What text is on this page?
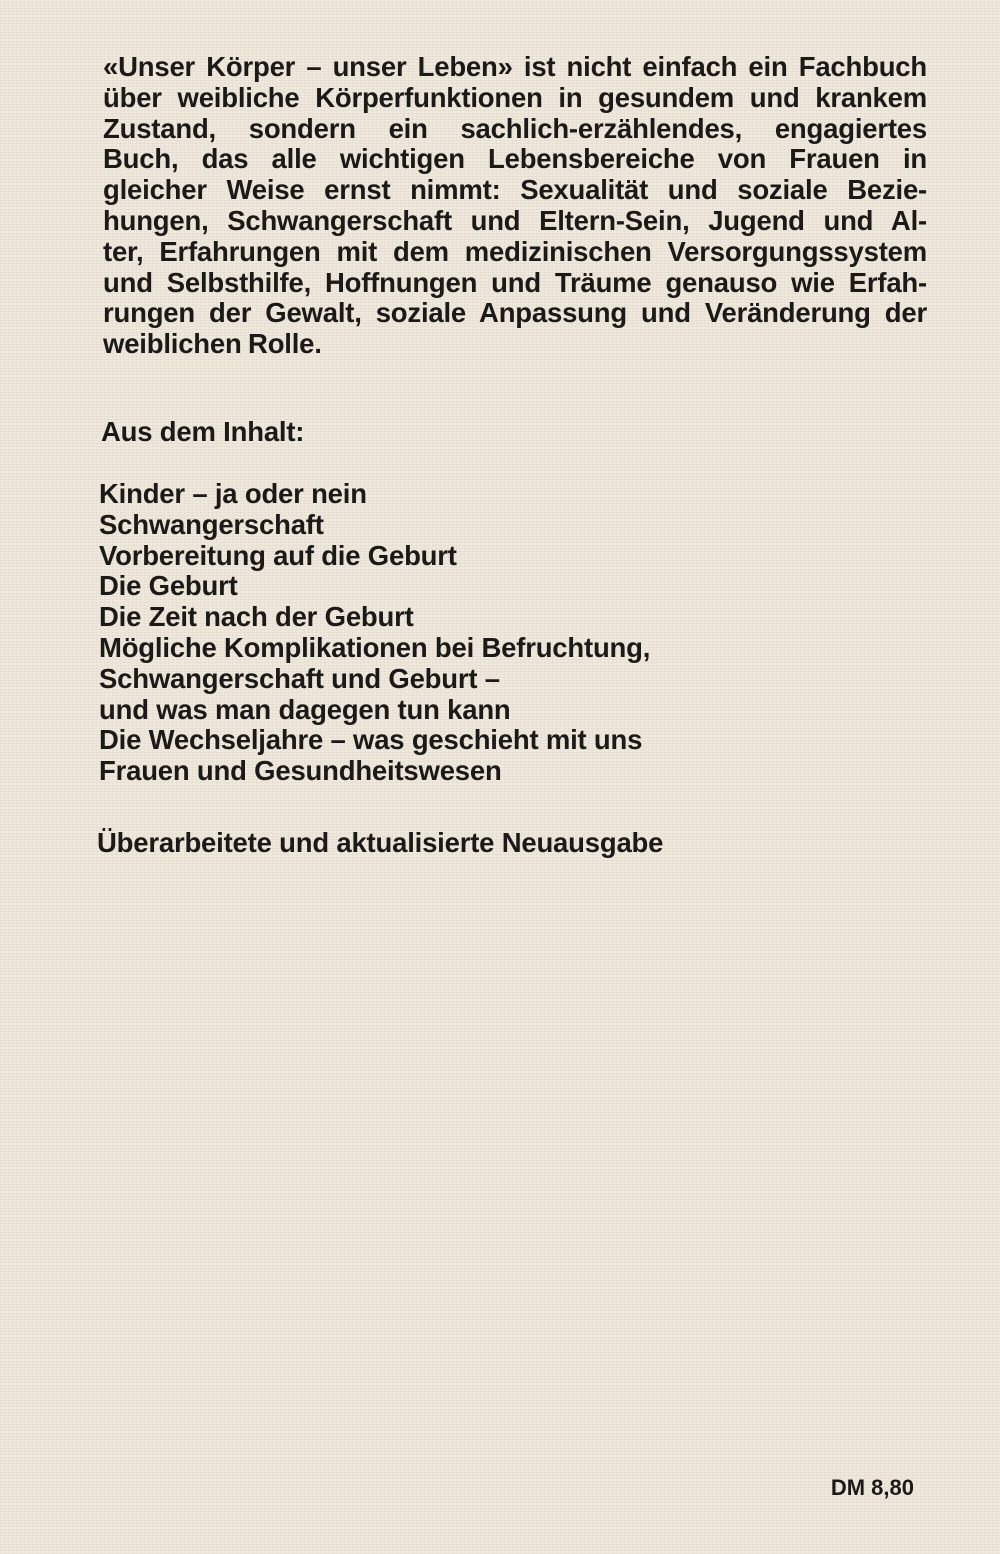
«Unser Körper – unser Leben» ist nicht einfach ein Fachbuch
über weibliche Körperfunktionen in gesundem und krankem
Zustand, sondern ein sachlich-erzählendes, engagiertes
Buch, das alle wichtigen Lebensbereiche von Frauen in
gleicher Weise ernst nimmt: Sexualität und soziale Bezie-
hungen, Schwangerschaft und Eltern-Sein, Jugend und Al-
ter, Erfahrungen mit dem medizinischen Versorgungssystem
und Selbsthilfe, Hoffnungen und Träume genauso wie Erfah-
rungen der Gewalt, soziale Anpassung und Veränderung der
weiblichen Rolle.

Aus dem Inhalt:
Kinder – ja oder nein
Schwangerschaft
Vorbereitung auf die Geburt
Die Geburt
Die Zeit nach der Geburt
Mögliche Komplikationen bei Befruchtung,
Schwangerschaft und Geburt –
und was man dagegen tun kann
Die Wechseljahre – was geschieht mit uns
Frauen und Gesundheitswesen

Überarbeitete und aktualisierte Neuausgabe

DM 8,80
